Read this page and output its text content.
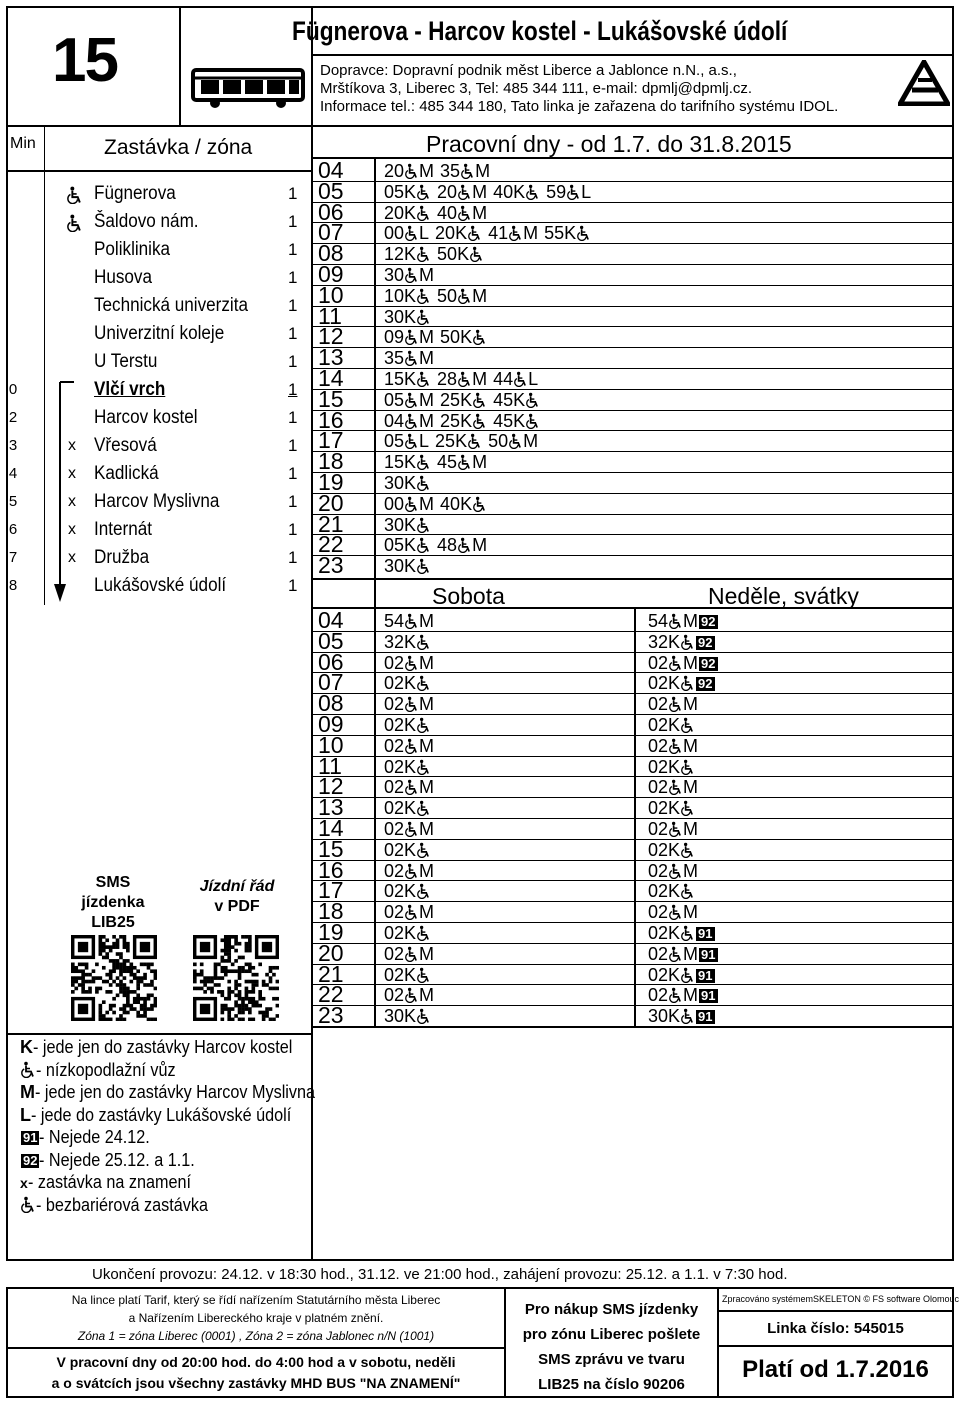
15	Fügnerova - Harcov kostel - Lukášovské údolí
Dopravce: Dopravní podnik měst Liberce a Jablonce n.N., a.s.,
Mrštíkova 3, Liberec 3, Tel: 485 344 111, e-mail: dpmlj@dpmlj.cz.
Informace tel.: 485 344 180, Tato linka je zařazena do tarifního systému IDOL.
Min	Zastávka / zóna
Fügnerova	1
Šaldovo nám.	1
Poliklinika	1
Husova	1
Technická univerzita 1
Univerzitní koleje	1
U Terstu	1
0	Vlčí vrch	1
2	Harcov kostel	1
3	x Vřesová	1
4	x Kadlická	1
5	x Harcov Myslivna	1
6	x Internát	1
7	x Družba	1
8	Lukášovské údolí	1
SMS
jízdenka
LIB25
Jízdní řád
v PDF
K- jede jen do zastávky Harcov kostel
- nízkopodlažní vůz
M- jede jen do zastávky Harcov Myslivna
L- jede do zastávky Lukášovské údolí
91- Nejede 24.12.
92- Nejede 25.12. a 1.1.
x- zastávka na znamení
- bezbariérová zastávka
Pracovní dny - od 1.7. do 31.8.2015
04	20 M 35 M
05	05K 20 M 40K 59 L
06	20K 40 M
07	00 L 20K 41 M 55K
08	12K 50K
09	30 M
10	10K 50 M
11	30K
12	09 M 50K
13	35 M
14	15K 28 M 44 L
15	05 M 25K 45K
16	04 M 25K 45K
17	05 L 25K 50 M
18	15K 45 M
19	30K
20	00 M 40K
21	30K
22	05K 48 M
23	30K
Sobota	Neděle, svátky
04	54 M	54 M 92
05	32K	32K 92
06	02 M	02 M 92
07	02K	02K 92
08	02 M	02 M
09	02K	02K
10	02 M	02 M
11	02K	02K
12	02 M	02 M
13	02K	02K
14	02 M	02 M
15	02K	02K
16	02 M	02 M
17	02K	02K
18	02 M	02 M
19	02K	02K 91
20	02 M	02 M 91
21	02K	02K 91
22	02 M	02 M 91
23	30K	30K 91
Ukončení provozu: 24.12. v 18:30 hod., 31.12. ve 21:00 hod., zahájení provozu: 25.12. a 1.1. v 7:30 hod.
Na lince platí Tarif, který se řídí nařízením Statutárního města Liberec
a Nařízením Libereckého kraje v platném znění.
Zóna 1 = zóna Liberec (0001) , Zóna 2 = zóna Jablonec n/N (1001)
V pracovní dny od 20:00 hod. do 4:00 hod a v sobotu, neděli
a o svátcích jsou všechny zastávky MHD BUS "NA ZNAMENÍ"
Pro nákup SMS jízdenky
pro zónu Liberec pošlete
SMS zprávu ve tvaru
LIB25 na číslo 90206
Zpracováno systémemSKELETON © FS software Olomouc
Linka číslo: 545015
Platí od 1.7.2016
